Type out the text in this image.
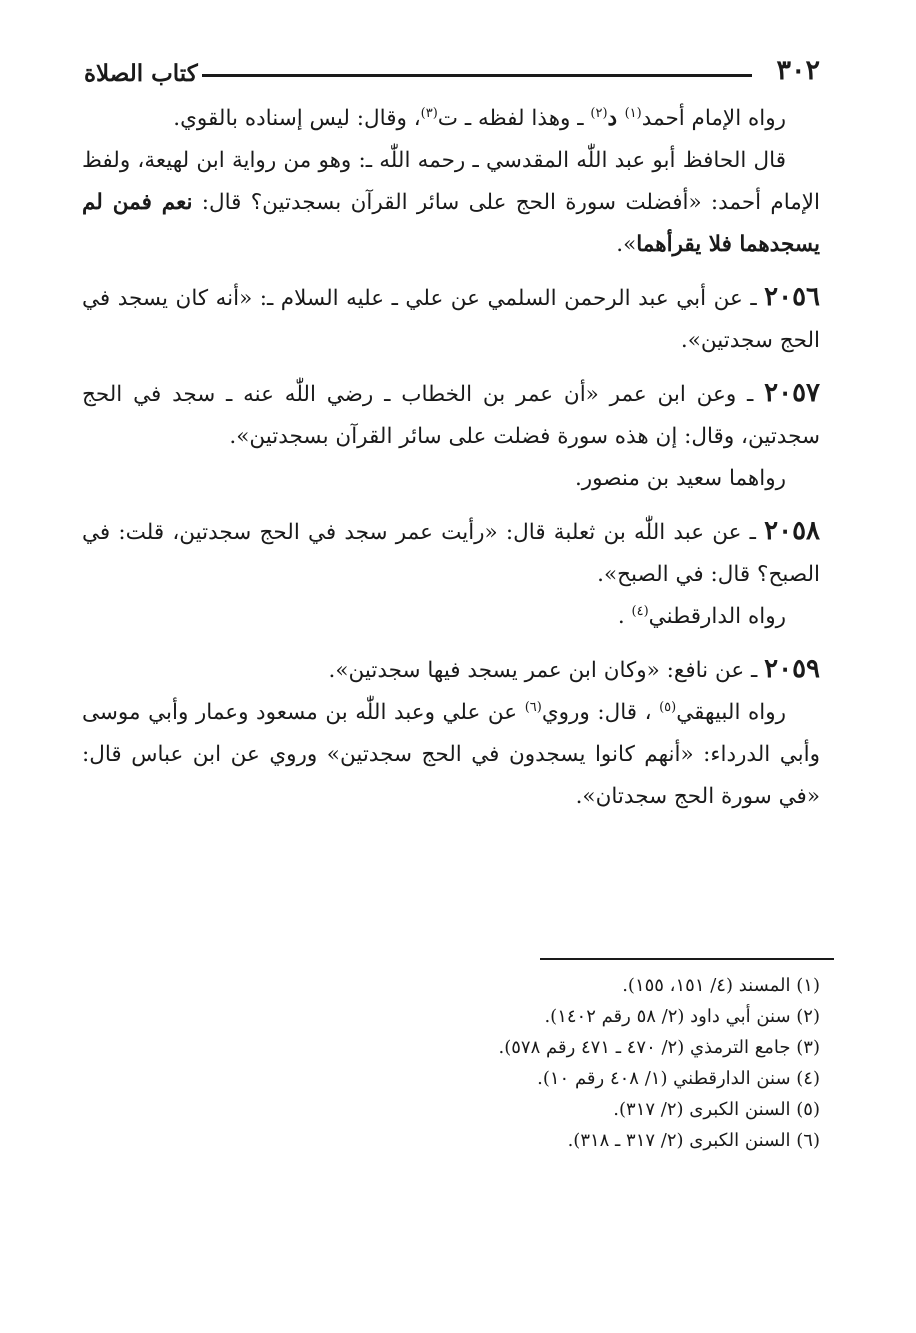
٣٠٢
كتاب الصلاة

رواه الإمام أحمد$^{(١)}$ د$^{(٢)}$ ـ وهذا لفظه ـ ت$^{(٣)}$، وقال: ليس إسناده بالقوي.

قال الحافظ أبو عبد اللّٰه المقدسي ـ رحمه اللّٰه ـ: وهو من رواية ابن لهيعة، ولفظ الإمام أحمد: «أفضلت سورة الحج على سائر القرآن بسجدتين؟ قال: نعم فمن لم يسجدهما فلا يقرأهما».

٢٠٥٦ ـ عن أبي عبد الرحمن السلمي عن علي ـ عليه السلام ـ: «أنه كان يسجد في الحج سجدتين».

٢٠٥٧ ـ وعن ابن عمر «أن عمر بن الخطاب ـ رضي اللّٰه عنه ـ سجد في الحج سجدتين، وقال: إن هذه سورة فضلت على سائر القرآن بسجدتين».

رواهما سعيد بن منصور.

٢٠٥٨ ـ عن عبد اللّٰه بن ثعلبة قال: «رأيت عمر سجد في الحج سجدتين، قلت: في الصبح؟ قال: في الصبح».

رواه الدارقطني$^{(٤)}$ .

٢٠٥٩ ـ عن نافع: «وكان ابن عمر يسجد فيها سجدتين».

رواه البيهقي$^{(٥)}$ ، قال: وروي$^{(٦)}$ عن علي وعبد اللّٰه بن مسعود وعمار وأبي موسى وأبي الدرداء: «أنهم كانوا يسجدون في الحج سجدتين» وروي عن ابن عباس قال: «في سورة الحج سجدتان».

(١) المسند (٤/ ١٥١، ١٥٥).

(٢) سنن أبي داود (٢/ ٥٨ رقم ١٤٠٢).

(٣) جامع الترمذي (٢/ ٤٧٠ ـ ٤٧١ رقم ٥٧٨).

(٤) سنن الدارقطني (١/ ٤٠٨ رقم ١٠).

(٥) السنن الكبرى (٢/ ٣١٧).

(٦) السنن الكبرى (٢/ ٣١٧ ـ ٣١٨).
